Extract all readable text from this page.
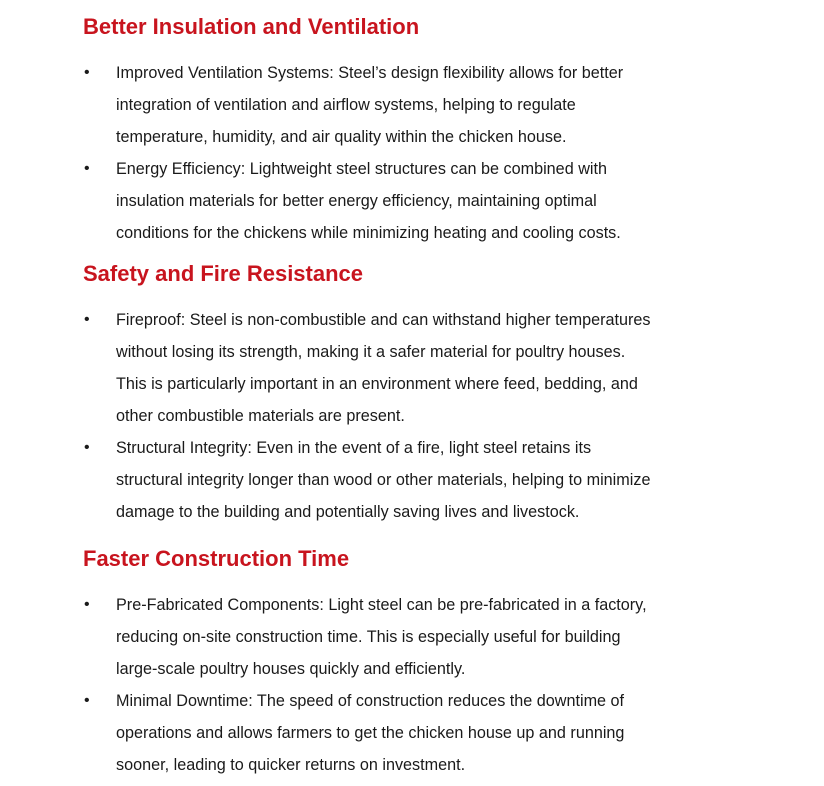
Better Insulation and Ventilation
• Improved Ventilation Systems: Steel’s design flexibility allows for better
integration of ventilation and airflow systems, helping to regulate
temperature, humidity, and air quality within the chicken house.
• Energy Efficiency: Lightweight steel structures can be combined with
insulation materials for better energy efficiency, maintaining optimal
conditions for the chickens while minimizing heating and cooling costs.
Safety and Fire Resistance
• Fireproof: Steel is non-combustible and can withstand higher temperatures
without losing its strength, making it a safer material for poultry houses.
This is particularly important in an environment where feed, bedding, and
other combustible materials are present.
• Structural Integrity: Even in the event of a fire, light steel retains its
structural integrity longer than wood or other materials, helping to minimize
damage to the building and potentially saving lives and livestock.
Faster Construction Time
• Pre-Fabricated Components: Light steel can be pre-fabricated in a factory,
reducing on-site construction time. This is especially useful for building
large-scale poultry houses quickly and efficiently.
• Minimal Downtime: The speed of construction reduces the downtime of
operations and allows farmers to get the chicken house up and running
sooner, leading to quicker returns on investment.
